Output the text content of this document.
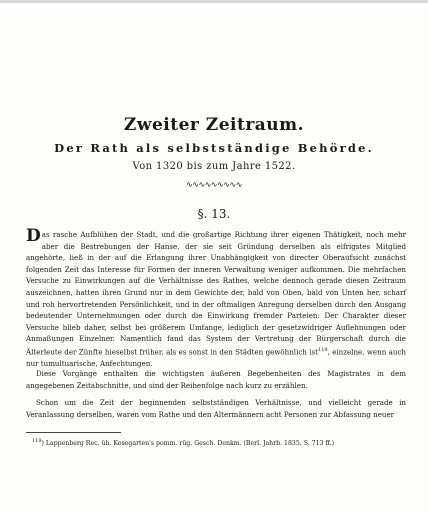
Zweiter Zeitraum.
Der Rath als selbstständige Behörde.
Von 1320 bis zum Jahre 1522.
∿∿∿∿∿∿∿∿∿
§. 13.
Das rasche Aufblühen der Stadt, und die großartige Richtung ihrer eigenen Thätigkeit, noch mehr aber die Bestrebungen der Hanse, der sie seit Gründung derselben als eifrigstes Mitglied angehörte, ließ in der auf die Erlangung ihrer Unabhängigkeit von directer Oberaufsicht zunächst folgenden Zeit das Interesse für Formen der inneren Verwaltung weniger aufkommen. Die mehrfachen Versuche zu Einwirkungen auf die Verhältnisse des Rathes, welche dennoch gerade diesen Zeitraum auszeichnen, hatten ihren Grund nur in dem Gewichte der, bald von Oben, bald von Unten her, scharf und roh hervortretenden Persönlichkeit, und in der oftmaligen Anregung derselben durch den Ausgang bedeutender Unternehmungen oder durch die Einwirkung fremder Parteien: Der Charakter dieser Versuche blieb daher, selbst bei größerem Umfange, lediglich der gesetzwidriger Auflehnungen oder Anmaßungen Einzelner. Namentlich fand das System der Vertretung der Bürgerschaft durch die Älterleute der Zünfte hieselbst früher, als es sonst in den Städten gewöhnlich ist$^{119}$, einzelne, wenn auch nur tumultuarische, Anfechtungen.
Diese Vorgänge enthalten die wichtigsten äußeren Begebenheiten des Magistrates in dem angegebenen Zeitabschnitte, und sind der Reihenfolge nach kurz zu erzählen.
Schon um die Zeit der beginnenden selbstständigen Verhältnisse, und vielleicht gerade in Veranlassung derselben, waren vom Rathe und den Altermännern acht Personen zur Abfassung neuer
$^{119}$) Lappenberg Rec. üb. Kosegarten's pomm. rüg. Gesch. Denkm. (Berl. Jahrb. 1835. S. 713 ff.)
